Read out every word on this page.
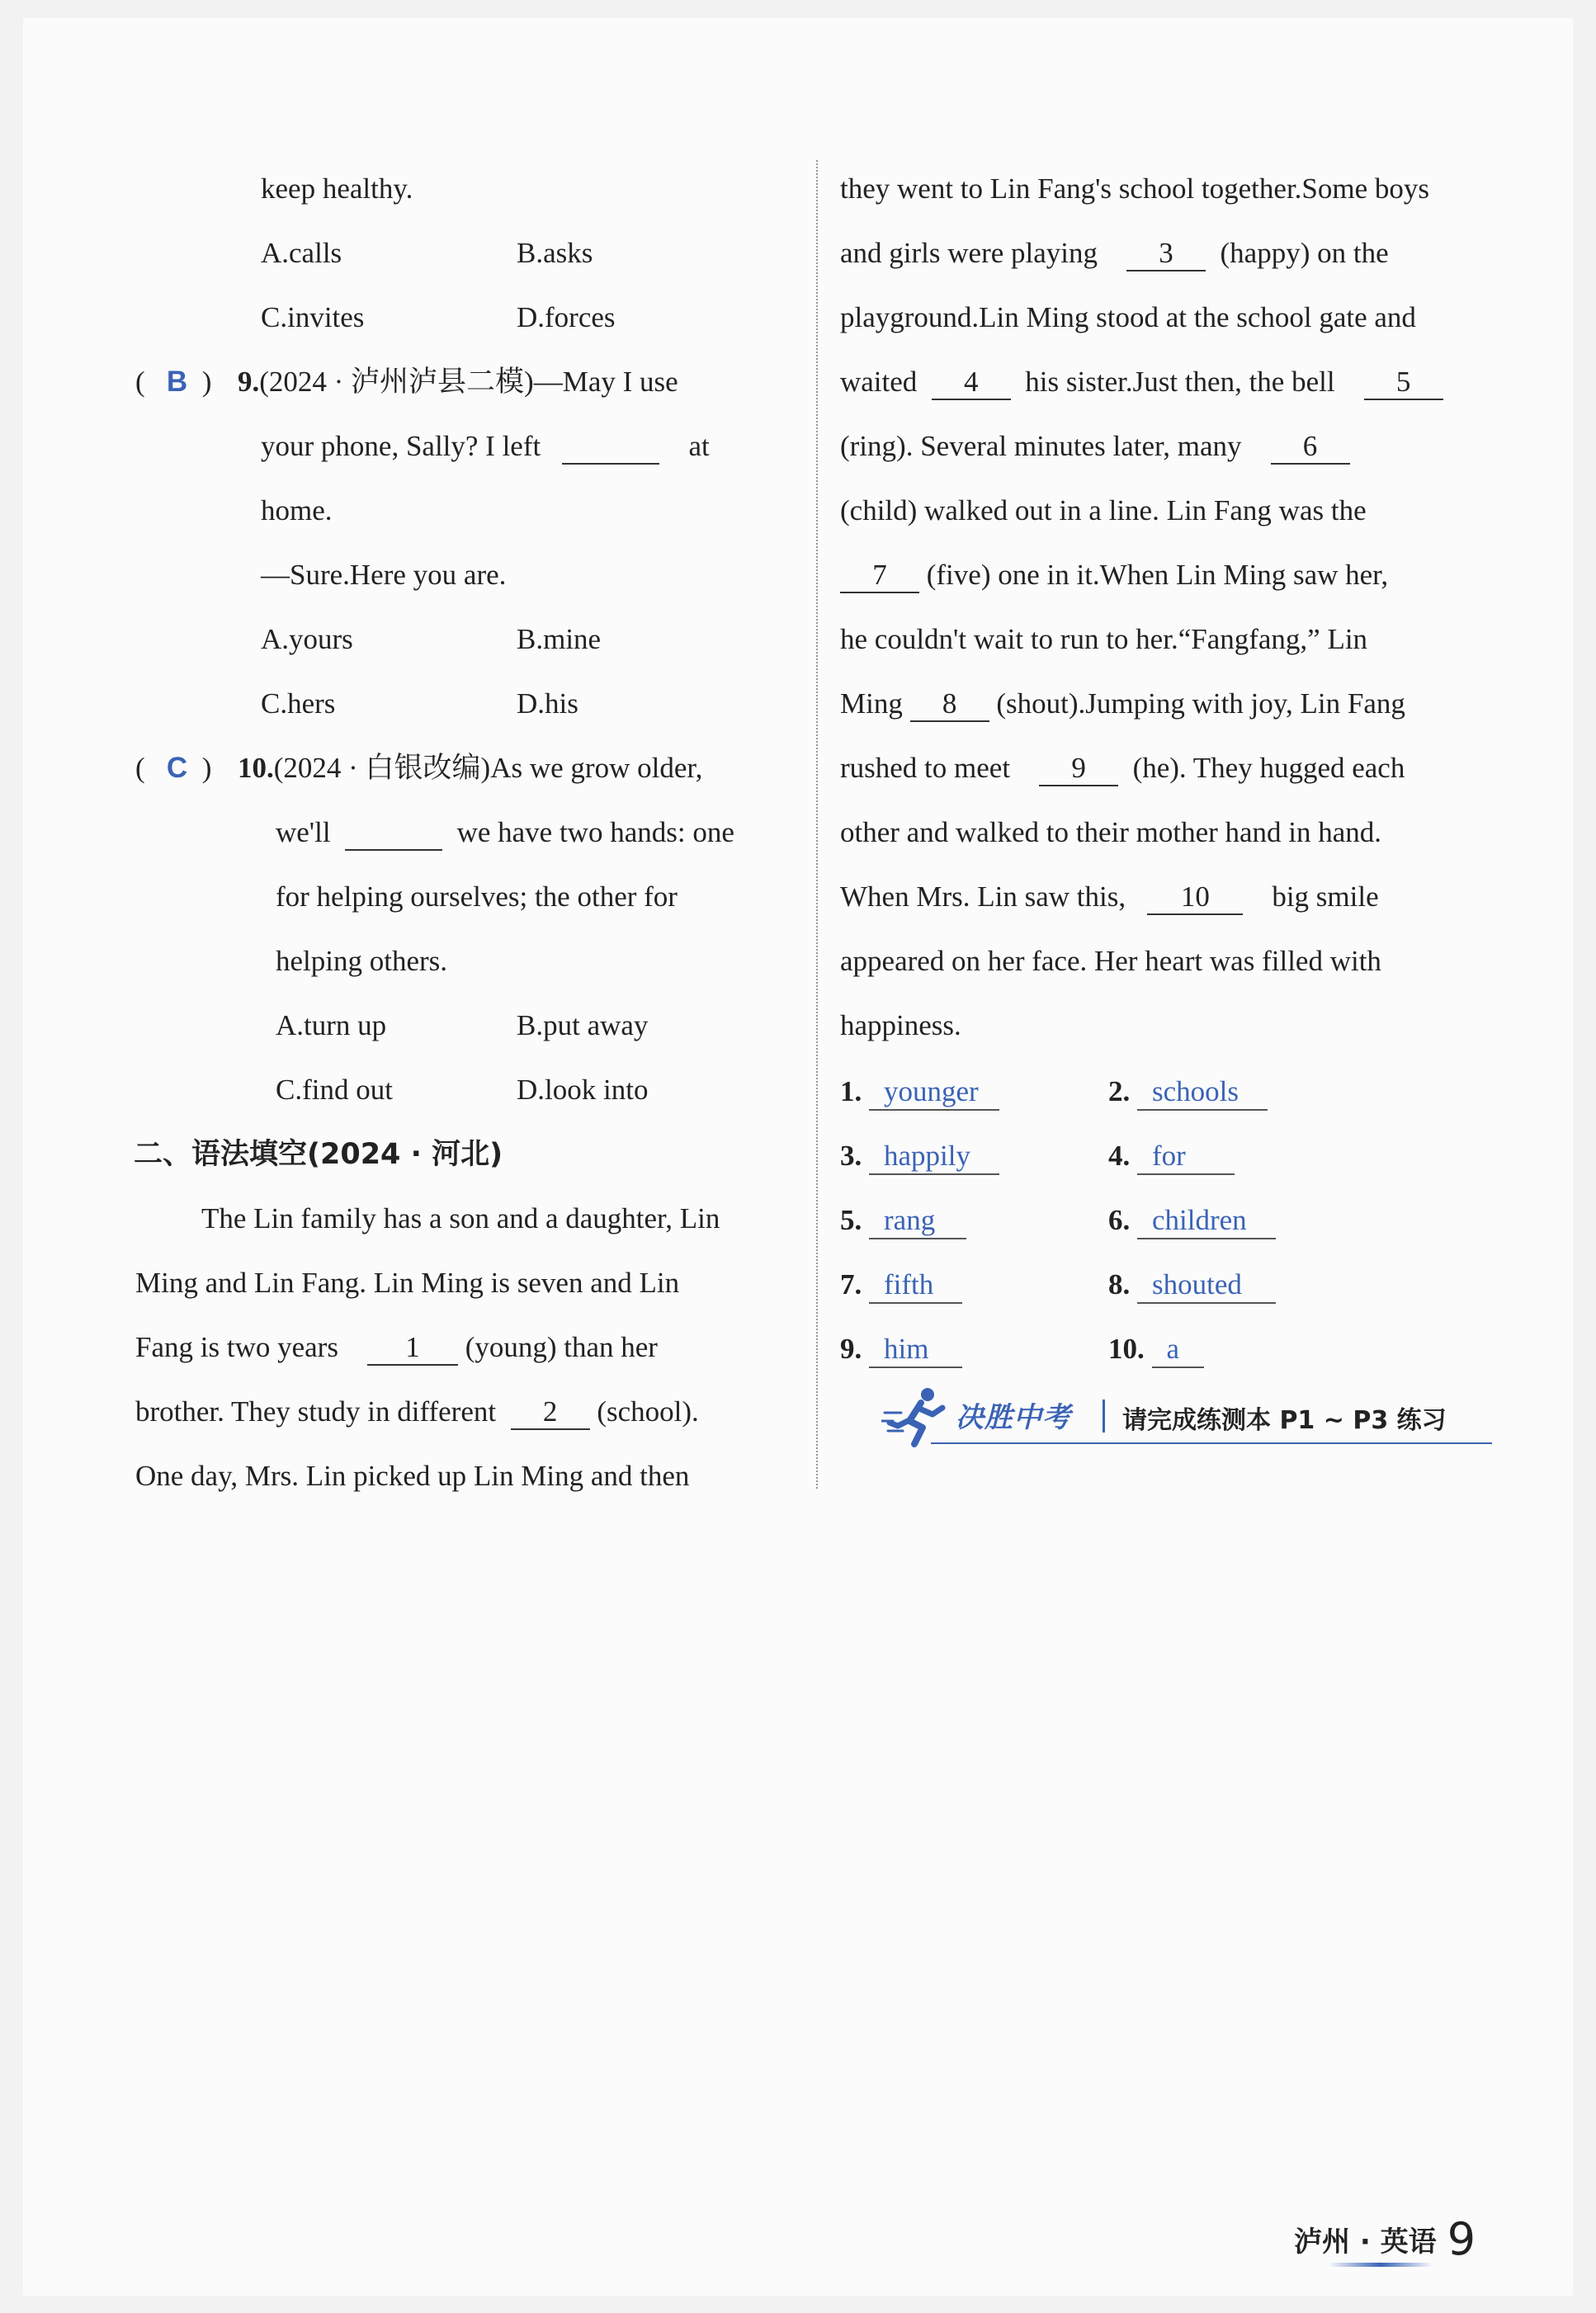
keep healthy.
A.calls	B.asks
C.invites	D.forces
(   B  ) 9. (2024 · 泸州泸县二模)—May I use
your phone, Sally? I left	at
home.
—Sure.Here you are.
A.yours	B.mine
C.hers	D.his
(   C  ) 10. (2024 · 白银改编)As we grow older,
we'll	we have two hands: one
for helping ourselves; the other for
helping others.
A.turn up	B.put away
C.find out	D.look into
二、语法填空(2024 · 河北)
The Lin family has a son and a daughter, Lin
Ming and Lin Fang. Lin Ming is seven and Lin
Fang is two years 1 (young) than her
brother. They study in different 2 (school).
One day, Mrs. Lin picked up Lin Ming and then
they went to Lin Fang's school together.Some boys
and girls were playing 3 (happy) on the
playground.Lin Ming stood at the school gate and
waited 4 his sister.Just then, the bell 5
(ring). Several minutes later, many 6
(child) walked out in a line. Lin Fang was the
7 (five) one in it.When Lin Ming saw her,
he couldn't wait to run to her.“Fangfang,” Lin
Ming 8 (shout).Jumping with joy, Lin Fang
rushed to meet 9 (he). They hugged each
other and walked to their mother hand in hand.
When Mrs. Lin saw this, 10 big smile
appeared on her face. Her heart was filled with
happiness.
1. younger	2. schools
3. happily	4. for
5. rang	6. children
7. fifth	8. shouted
9. him	10. a
决胜中考 请完成练测本 P1 ~ P3 练习
泸州 · 英语 9
